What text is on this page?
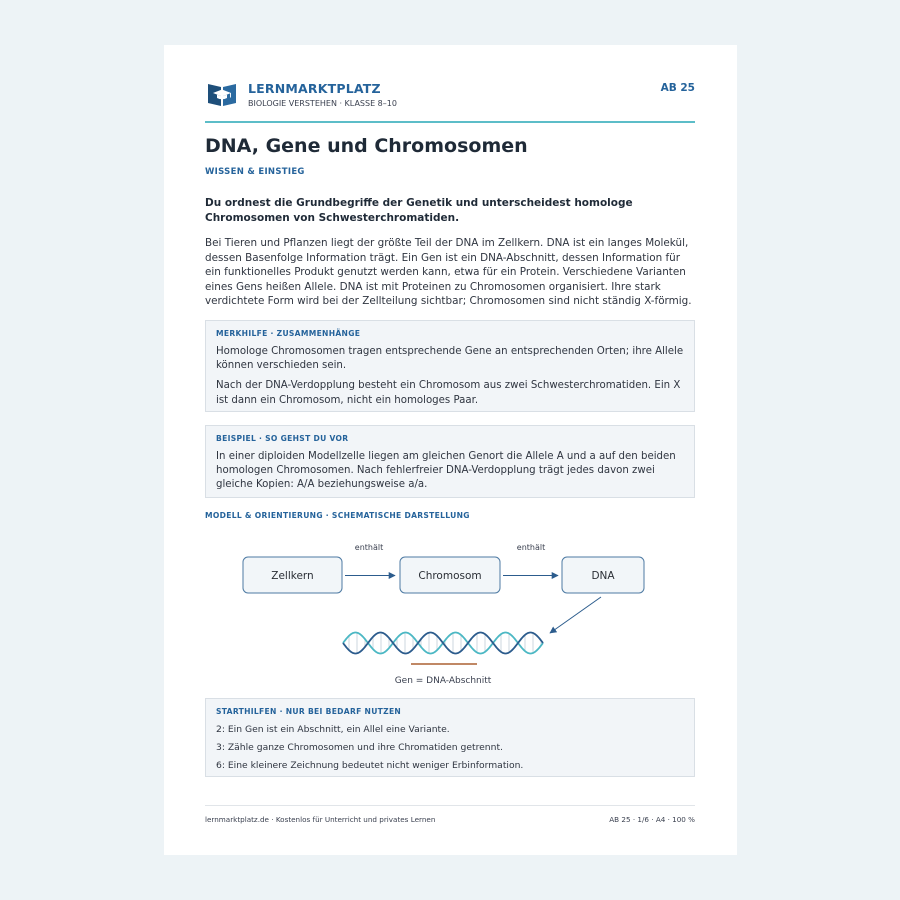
LERNMARKTPLATZ
BIOLOGIE VERSTEHEN · KLASSE 8–10
AB 25
DNA, Gene und Chromosomen
WISSEN & EINSTIEG
Du ordnest die Grundbegriffe der Genetik und unterscheidest homologe Chromosomen von Schwesterchromatiden.
Bei Tieren und Pflanzen liegt der größte Teil der DNA im Zellkern. DNA ist ein langes Molekül, dessen Basenfolge Information trägt. Ein Gen ist ein DNA-Abschnitt, dessen Information für ein funktionelles Produkt genutzt werden kann, etwa für ein Protein. Verschiedene Varianten eines Gens heißen Allele. DNA ist mit Proteinen zu Chromosomen organisiert. Ihre stark verdichtete Form wird bei der Zellteilung sichtbar; Chromosomen sind nicht ständig X-förmig.
MERKHILFE · ZUSAMMENHÄNGE

Homologe Chromosomen tragen entsprechende Gene an entsprechenden Orten; ihre Allele können verschieden sein.

Nach der DNA-Verdopplung besteht ein Chromosom aus zwei Schwesterchromatiden. Ein X ist dann ein Chromosom, nicht ein homologes Paar.

BEISPIEL · SO GEHST DU VOR

In einer diploiden Modellzelle liegen am gleichen Genort die Allele A und a auf den beiden homologen Chromosomen. Nach fehlerfreier DNA-Verdopplung trägt jedes davon zwei gleiche Kopien: A/A beziehungsweise a/a.

MODELL & ORIENTIERUNG · SCHEMATISCHE DARSTELLUNG
Zellkern	Chromosom	DNA
enthält	enthält
Gen = DNA-Abschnitt
STARTHILFEN · NUR BEI BEDARF NUTZEN

2: Ein Gen ist ein Abschnitt, ein Allel eine Variante.

3: Zähle ganze Chromosomen und ihre Chromatiden getrennt.

6: Eine kleinere Zeichnung bedeutet nicht weniger Erbinformation.

lernmarktplatz.de · Kostenlos für Unterricht und privates Lernen	AB 25 · 1/6 · A4 · 100 %
